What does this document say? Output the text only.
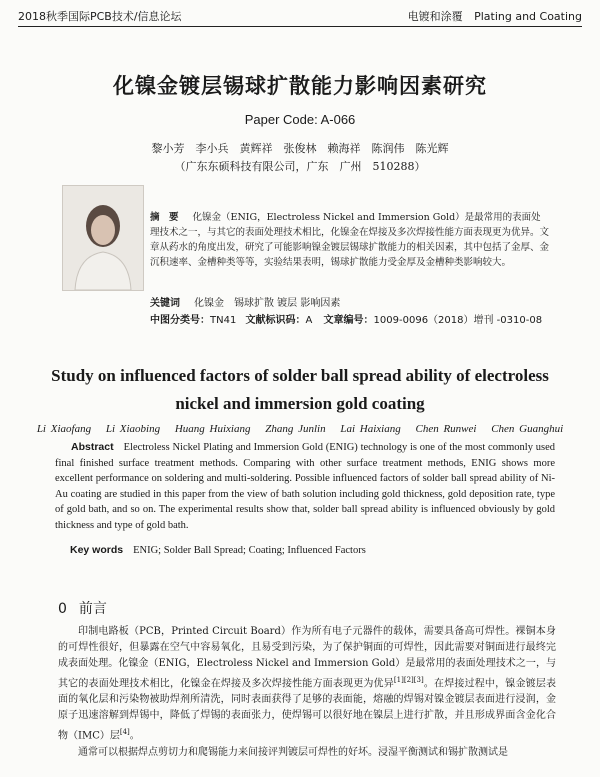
2018秋季国际PCB技术/信息论坛	电镀和涂覆 Plating and Coating
化镍金镀层锡球扩散能力影响因素研究
Paper Code: A-066
黎小芳　李小兵　黄辉祥　张俊林　赖海祥　陈润伟　陈光辉
（广东东硕科技有限公司，广东　广州　510288）
摘　要 化镍金（ENIG，Electroless Nickel and Immersion Gold）是最常用的表面处理技术之一，与其它的表面处理技术相比，化镍金在焊接及多次焊接性能方面表现更为优异。文章从药水的角度出发，研究了可能影响镍金镀层锡球扩散能力的相关因素，其中包括了金厚、金沉积速率、金槽种类等等，实验结果表明，锡球扩散能力受金厚及金槽种类影响较大。
关键词 化镍金　锡球扩散 镀层 影响因素
中图分类号：TN41 文献标识码：A 文章编号：1009-0096（2018）增刊 -0310-08
Study on influenced factors of solder ball spread ability of electroless nickel and immersion gold coating
Li Xiaofang Li Xiaobing Huang Huixiang Zhang Junlin Lai Haixiang Chen Runwei Chen Guanghui
Abstract Electroless Nickel Plating and Immersion Gold (ENIG) technology is one of the most commonly used final finished surface treatment methods. Comparing with other surface treatment methods, ENIG shows more excellent performance on soldering and multi-soldering. Possible influenced factors of solder ball spread ability of Ni-Au coating are studied in this paper from the view of bath solution including gold thickness, gold deposition rate, type of gold bath, and so on. The experimental results show that, solder ball spread ability is influenced obviously by gold thickness and type of gold bath.
Key words ENIG; Solder Ball Spread; Coating; Influenced Factors
0 前言

印制电路板（PCB，Printed Circuit Board）作为所有电子元器件的载体，需要具备高可焊性。裸铜本身的可焊性很好，但暴露在空气中容易氧化，且易受到污染，为了保护铜面的可焊性，因此需要对铜面进行最终完成表面处理。化镍金（ENIG，Electroless Nickel and Immersion Gold）是最常用的表面处理技术之一，与其它的表面处理技术相比，化镍金在焊接及多次焊接性能方面表现更为优异[1][2][3]。在焊接过程中，镍金镀层表面的氧化层和污染物被助焊剂所清洗，同时表面获得了足够的表面能，熔融的焊锡对镍金镀层表面进行浸润，金原子迅速溶解到焊锡中，降低了焊锡的表面张力，使焊锡可以很好地在镍层上进行扩散，并且形成界面含金化合物（IMC）层[4]。

通常可以根据焊点剪切力和爬锡能力来间接评判镀层可焊性的好坏。浸湿平衡测试和锡扩散测试是
